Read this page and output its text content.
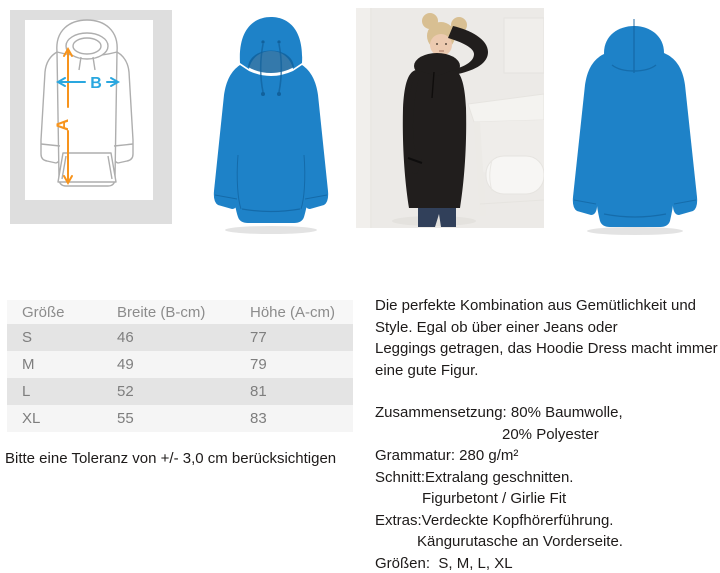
A
B
Größe	Breite (B-cm)	Höhe (A-cm)
S	46	77
M	49	79
L	52	81
XL	55	83
Bitte eine Toleranz von +/- 3,0 cm berücksichtigen
Die perfekte Kombination aus Gemütlichkeit und
Style. Egal ob über einer Jeans oder
Leggings getragen, das Hoodie Dress macht immer
eine gute Figur.
Zusammensetzung: 80% Baumwolle,
20% Polyester
Grammatur: 280 g/m²
Schnitt:Extralang geschnitten.
Figurbetont / Girlie Fit
Extras:Verdeckte Kopfhörerführung.
Kängurutasche an Vorderseite.
Größen:  S, M, L, XL
